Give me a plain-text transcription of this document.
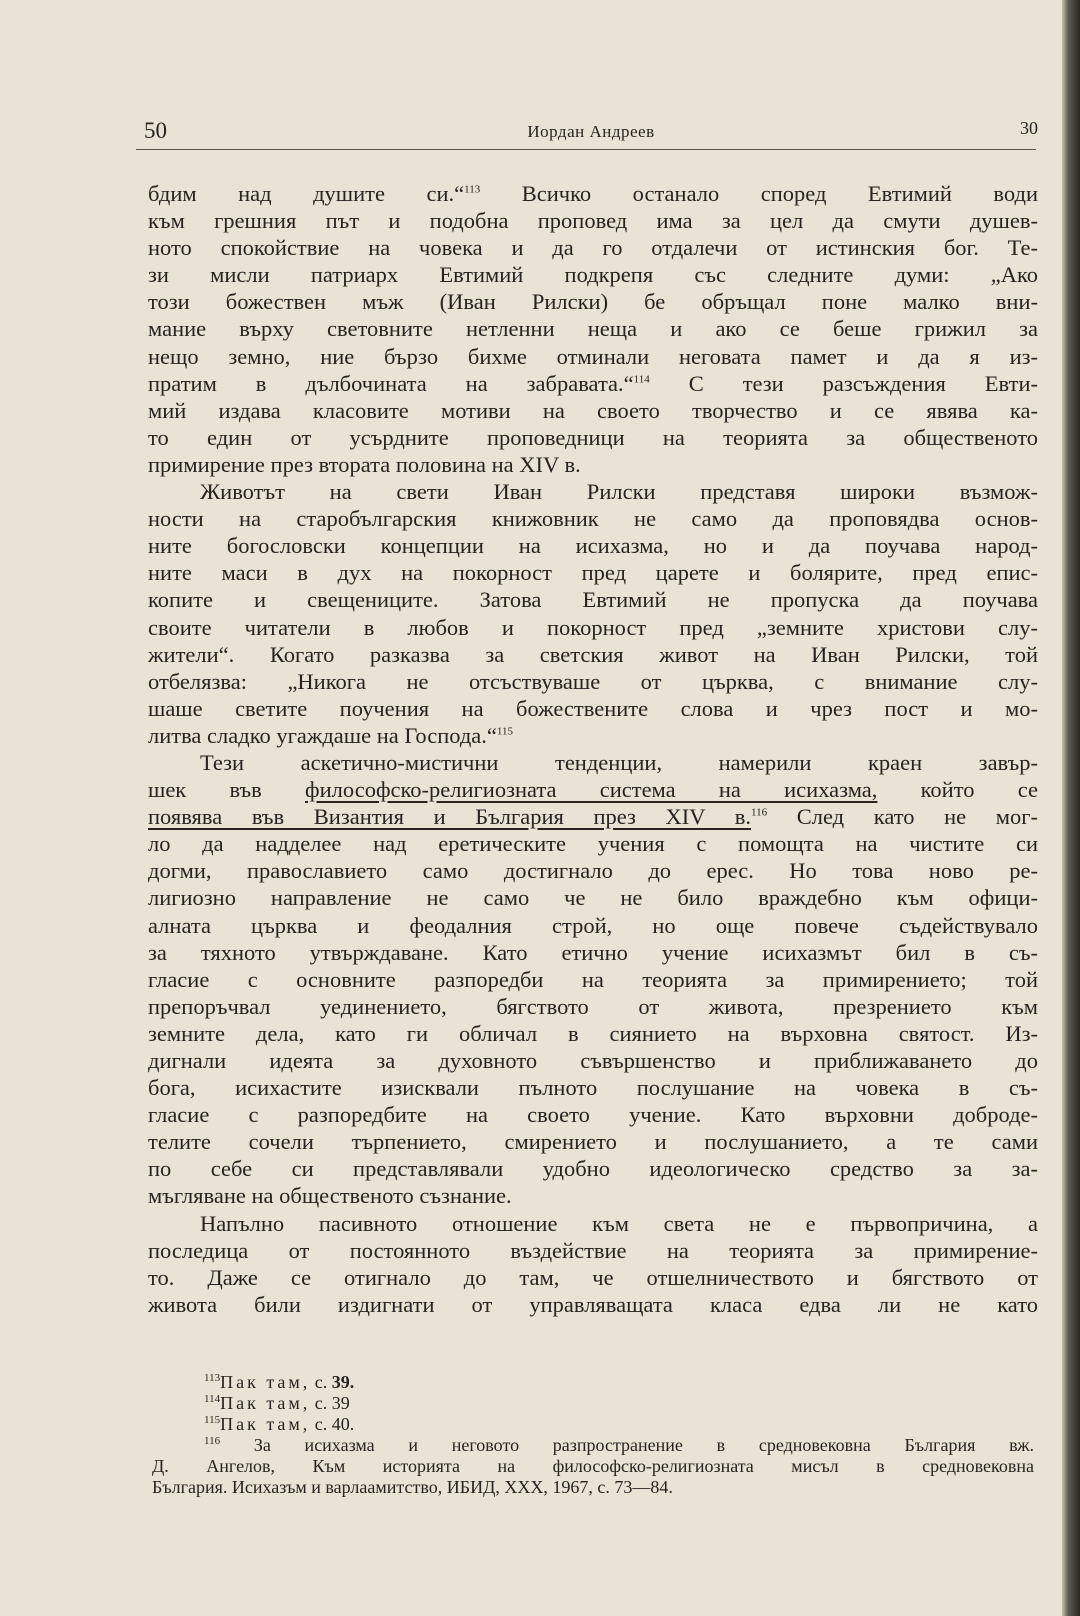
50	Иордан Андреев	30
бдим над душите си.“$^{113}$ Всичко останало според Евтимий води
към грешния път и подобна проповед има за цел да смути душев-
ното спокойствие на човека и да го отдалечи от истинския бог. Те-
зи мисли патриарх Евтимий подкрепя със следните думи: „Ако
този божествен мъж (Иван Рилски) бе обръщал поне малко вни-
мание върху световните нетленни неща и ако се беше грижил за
нещо земно, ние бързо бихме отминали неговата памет и да я из-
пратим в дълбочината на забравата.“$^{114}$ С тези разсъждения Евти-
мий издава класовите мотиви на своето творчество и се явява ка-
то един от усърдните проповедници на теорията за общественото
примирение през втората половина на XIV в.
Животът на свети Иван Рилски представя широки възмож-
ности на старобългарския книжовник не само да проповядва основ-
ните богословски концепции на исихазма, но и да поучава народ-
ните маси в дух на покорност пред царете и болярите, пред епис-
копите и свещениците. Затова Евтимий не пропуска да поучава
своите читатели в любов и покорност пред „земните христови слу-
жители“. Когато разказва за светския живот на Иван Рилски, той
отбелязва: „Никога не отсъствуваше от църква, с внимание слу-
шаше светите поучения на божествените слова и чрез пост и мо-
литва сладко угаждаше на Господа.“$^{115}$
Тези аскетично-мистични тенденции, намерили краен завър-
шек във философско-религиозната система на исихазма, който се
появява във Византия и България през XIV в.$^{116}$ След като не мог-
ло да надделее над еретическите учения с помощта на чистите си
догми, православието само достигнало до ерес. Но това ново ре-
лигиозно направление не само че не било враждебно към офици-
алната църква и феодалния строй, но още повече съдействувало
за тяхното утвърждаване. Като етично учение исихазмът бил в съ-
гласие с основните разпоредби на теорията за примирението; той
препоръчвал уединението, бягството от живота, презрението към
земните дела, като ги обличал в сиянието на върховна святост. Из-
дигнали идеята за духовното съвършенство и приближаването до
бога, исихастите изисквали пълното послушание на човека в съ-
гласие с разпоредбите на своето учение. Като върховни доброде-
телите сочели търпението, смирението и послушанието, а те сами
по себе си представлявали удобно идеологическо средство за за-
мъгляване на общественото съзнание.
Напълно пасивното отношение към света не е първопричина, а
последица от постоянното въздействие на теорията за примирение-
то. Даже се отигнало до там, че отшелничеството и бягството от
живота били издигнати от управляващата класа едва ли не като
$^{113}$Пак там, с. 39.
$^{114}$Пак там, с. 39
$^{115}$Пак там, с. 40.
$^{116}$ За исихазма и неговото разпространение в средновековна България вж.
Д. Ангелов, Към историята на философско-религиозната мисъл в средновековна
България. Исихазъм и варлаамитство, ИБИД, XXX, 1967, с. 73—84.
